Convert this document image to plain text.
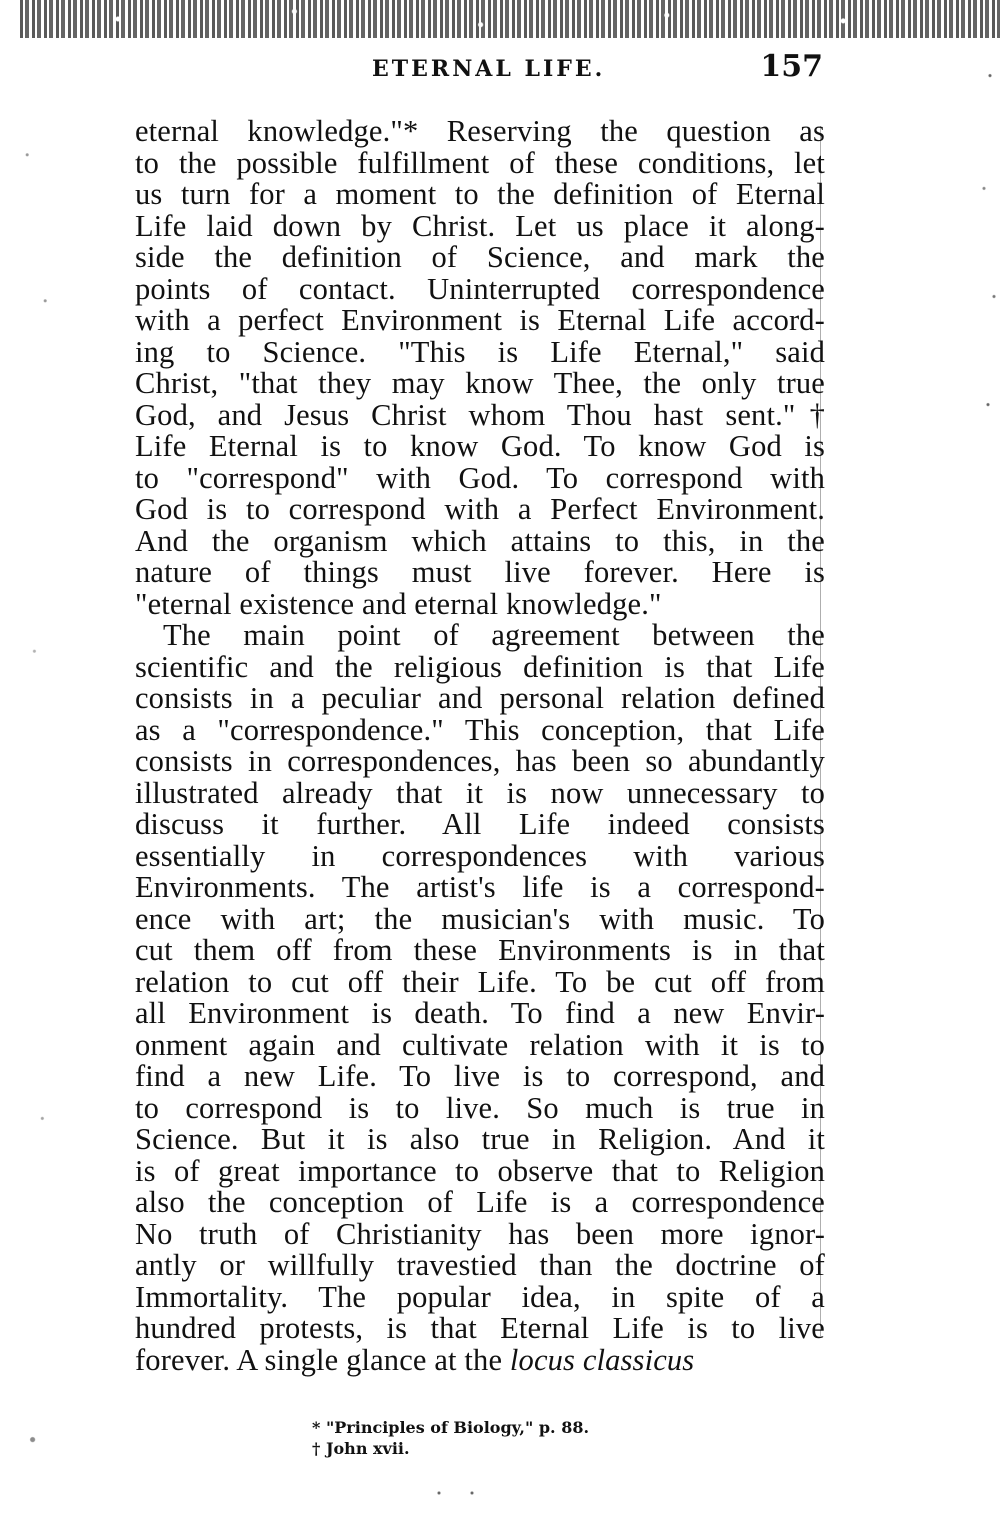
ETERNAL LIFE.	157
eternal knowledge."* Reserving the question as
to the possible fulfillment of these conditions, let
us turn for a moment to the definition of Eternal
Life laid down by Christ. Let us place it along-
side the definition of Science, and mark the
points of contact. Uninterrupted correspondence
with a perfect Environment is Eternal Life accord-
ing to Science. "This is Life Eternal," said
Christ, "that they may know Thee, the only true
God, and Jesus Christ whom Thou hast sent."†
Life Eternal is to know God. To know God is
to "correspond" with God. To correspond with
God is to correspond with a Perfect Environment.
And the organism which attains to this, in the
nature of things must live forever. Here is
"eternal existence and eternal knowledge."
The main point of agreement between the
scientific and the religious definition is that Life
consists in a peculiar and personal relation defined
as a "correspondence." This conception, that Life
consists in correspondences, has been so abundantly
illustrated already that it is now unnecessary to
discuss it further. All Life indeed consists
essentially in correspondences with various
Environments. The artist's life is a correspond-
ence with art; the musician's with music. To
cut them off from these Environments is in that
relation to cut off their Life. To be cut off from
all Environment is death. To find a new Envir-
onment again and cultivate relation with it is to
find a new Life. To live is to correspond, and
to correspond is to live. So much is true in
Science. But it is also true in Religion. And it
is of great importance to observe that to Religion
also the conception of Life is a correspondence
No truth of Christianity has been more ignor-
antly or willfully travestied than the doctrine of
Immortality. The popular idea, in spite of a
hundred protests, is that Eternal Life is to live
forever. A single glance at the locus classicus
* "Principles of Biology," p. 88.
† John xvii.
